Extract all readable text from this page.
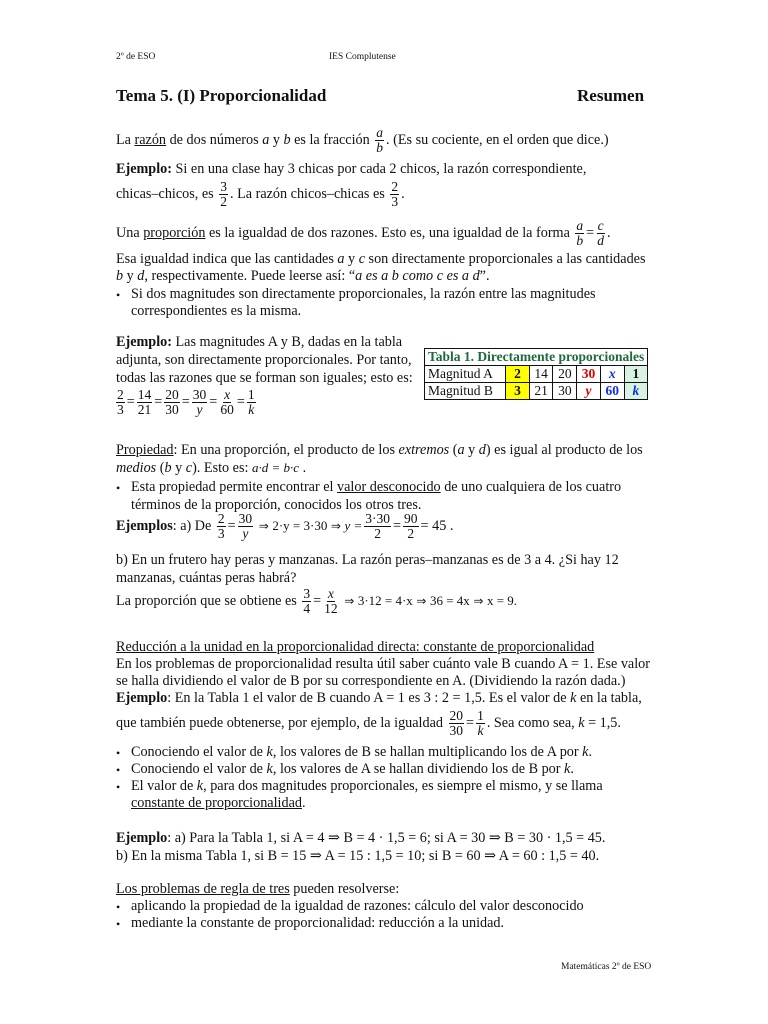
2º de ESO	IES Complutense
Tema 5. (I) Proporcionalidad	Resumen
La razón de dos números a y b es la fracción $\frac{a}{b}$ . (Es su cociente, en el orden que dice.)
Ejemplo: Si en una clase hay 3 chicas por cada 2 chicos, la razón correspondiente,
chicas–chicos, es $\frac{3}{2}$ . La razón chicos–chicas es $\frac{2}{3}$ .
Una proporción es la igualdad de dos razones. Esto es, una igualdad de la forma $\frac{a}{b} = \frac{c}{d}$ .
Esa igualdad indica que las cantidades a y c son directamente proporcionales a las cantidades
b y d, respectivamente. Puede leerse así: “a es a b como c es a d”.
• Si dos magnitudes son directamente proporcionales, la razón entre las magnitudes
correspondientes es la misma.
Ejemplo: Las magnitudes A y B, dadas en la tabla
adjunta, son directamente proporcionales. Por tanto,
todas las razones que se forman son iguales; esto es:
$\frac{2}{3} = \frac{14}{21} = \frac{20}{30} = \frac{30}{y} = \frac{x}{60} = \frac{1}{k}$
Tabla 1. Directamente proporcionales						
Magnitud A	2	14	20	30	x	1
Magnitud B	3	21	30	y	60	k
Propiedad: En una proporción, el producto de los extremos (a y d) es igual al producto de los
medios (b y c). Esto es: a·d = b·c .
• Esta propiedad permite encontrar el valor desconocido de uno cualquiera de los cuatro
términos de la proporción, conocidos los otros tres.
Ejemplos: a) De $\frac{2}{3} = \frac{30}{y}$ ⇒ 2·y = 3·30 ⇒ $y = \frac{3\cdot 30}{2} = \frac{90}{2} = 45$ .
b) En un frutero hay peras y manzanas. La razón peras–manzanas es de 3 a 4. ¿Si hay 12
manzanas, cuántas peras habrá?
La proporción que se obtiene es $\frac{3}{4} = \frac{x}{12}$ ⇒ 3·12 = 4·x ⇒ 36 = 4x ⇒ x = 9.
Reducción a la unidad en la proporcionalidad directa: constante de proporcionalidad
En los problemas de proporcionalidad resulta útil saber cuánto vale B cuando A = 1. Ese valor
se halla dividiendo el valor de B por su correspondiente en A. (Dividiendo la razón dada.)
Ejemplo: En la Tabla 1 el valor de B cuando A = 1 es 3 : 2 = 1,5. Es el valor de k en la tabla,
que también puede obtenerse, por ejemplo, de la igualdad $\frac{20}{30} = \frac{1}{k}$ . Sea como sea, k = 1,5.
• Conociendo el valor de k, los valores de B se hallan multiplicando los de A por k.
• Conociendo el valor de k, los valores de A se hallan dividiendo los de B por k.
• El valor de k, para dos magnitudes proporcionales, es siempre el mismo, y se llama
constante de proporcionalidad.
Ejemplo: a) Para la Tabla 1, si A = 4 ⇒ B = 4 · 1,5 = 6; si A = 30 ⇒ B = 30 · 1,5 = 45.
b) En la misma Tabla 1, si B = 15 ⇒ A = 15 : 1,5 = 10; si B = 60 ⇒ A = 60 : 1,5 = 40.
Los problemas de regla de tres pueden resolverse:
• aplicando la propiedad de la igualdad de razones: cálculo del valor desconocido
• mediante la constante de proporcionalidad: reducción a la unidad.
Matemáticas 2º de ESO
